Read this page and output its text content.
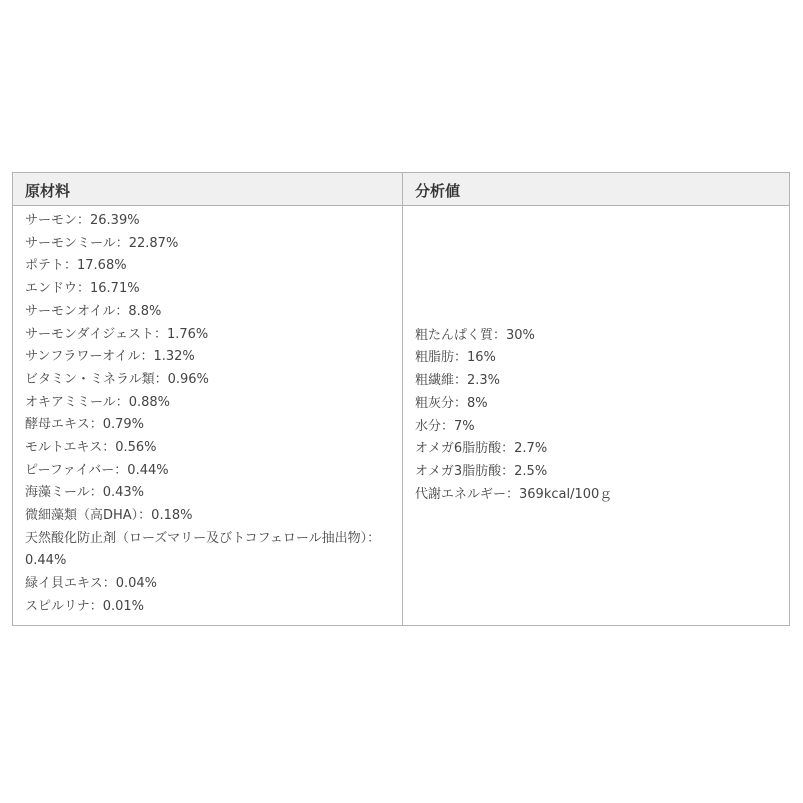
原材料	分析値
サーモン：26.39%
サーモンミール：22.87%
ポテト：17.68%
エンドウ：16.71%
サーモンオイル：8.8%
サーモンダイジェスト：1.76%
サンフラワーオイル：1.32%
ビタミン・ミネラル類：0.96%
オキアミミール：0.88%
酵母エキス：0.79%
モルトエキス：0.56%
ピーファイバー：0.44%
海藻ミール：0.43%
微細藻類（高DHA）：0.18%
天然酸化防止剤（ローズマリー及びトコフェロール抽出物）：0.44%
緑イ貝エキス：0.04%
スピルリナ：0.01%
粗たんぱく質：30%
粗脂肪：16%
粗繊維：2.3%
粗灰分：8%
水分：7%
オメガ6脂肪酸：2.7%
オメガ3脂肪酸：2.5%
代謝エネルギー：369kcal/100ｇ
